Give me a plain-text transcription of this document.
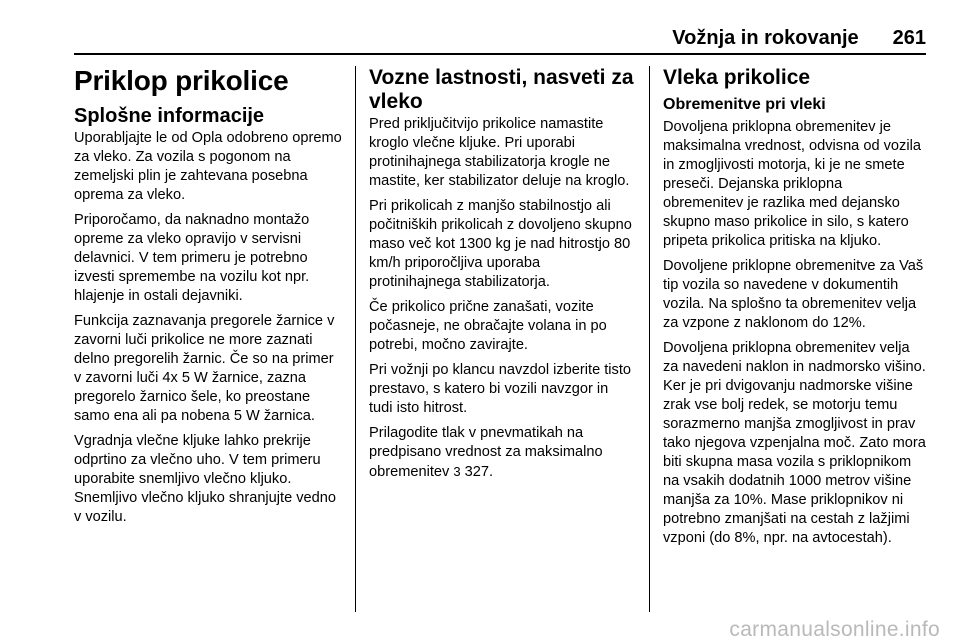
Vožnja in rokovanje 261
Priklop prikolice
Splošne informacije

Uporabljajte le od Opla odobreno opremo za vleko. Za vozila s pogonom na zemeljski plin je zahtevana posebna oprema za vleko.

Priporočamo, da naknadno montažo opreme za vleko opravijo v servisni delavnici. V tem primeru je potrebno izvesti spremembe na vozilu kot npr. hlajenje in ostali dejavniki.

Funkcija zaznavanja pregorele žarnice v zavorni luči prikolice ne more zaznati delno pregorelih žarnic. Če so na primer v zavorni luči 4x 5 W žarnice, zazna pregorelo žarnico šele, ko preostane samo ena ali pa nobena 5 W žarnica.

Vgradnja vlečne kljuke lahko prekrije odprtino za vlečno uho. V tem primeru uporabite snemljivo vlečno kljuko. Snemljivo vlečno kljuko shranjujte vedno v vozilu.

Vozne lastnosti, nasveti za vleko

Pred priključitvijo prikolice namastite kroglo vlečne kljuke. Pri uporabi protinihajnega stabilizatorja krogle ne mastite, ker stabilizator deluje na kroglo.

Pri prikolicah z manjšo stabilnostjo ali počitniških prikolicah z dovoljeno skupno maso več kot 1300 kg je nad hitrostjo 80 km/h priporočljiva uporaba protinihajnega stabilizatorja.

Če prikolico prične zanašati, vozite počasneje, ne obračajte volana in po potrebi, močno zavirajte.

Pri vožnji po klancu navzdol izberite tisto prestavo, s katero bi vozili navzgor in tudi isto hitrost.

Prilagodite tlak v pnevmatikah na predpisano vrednost za maksimalno obremenitev 3 327.

Vleka prikolice
Obremenitve pri vleki

Dovoljena priklopna obremenitev je maksimalna vrednost, odvisna od vozila in zmogljivosti motorja, ki je ne smete preseči. Dejanska priklopna obremenitev je razlika med dejansko skupno maso prikolice in silo, s katero pripeta prikolica pritiska na kljuko.

Dovoljene priklopne obremenitve za Vaš tip vozila so navedene v dokumentih vozila. Na splošno ta obremenitev velja za vzpone z naklonom do 12%.

Dovoljena priklopna obremenitev velja za navedeni naklon in nadmorsko višino. Ker je pri dvigovanju nadmorske višine zrak vse bolj redek, se motorju temu sorazmerno manjša zmogljivost in prav tako njegova vzpenjalna moč. Zato mora biti skupna masa vozila s priklopnikom na vsakih dodatnih 1000 metrov višine manjša za 10%. Mase priklopnikov ni potrebno zmanjšati na cestah z lažjimi vzponi (do 8%, npr. na avtocestah).

carmanualsonline.info
